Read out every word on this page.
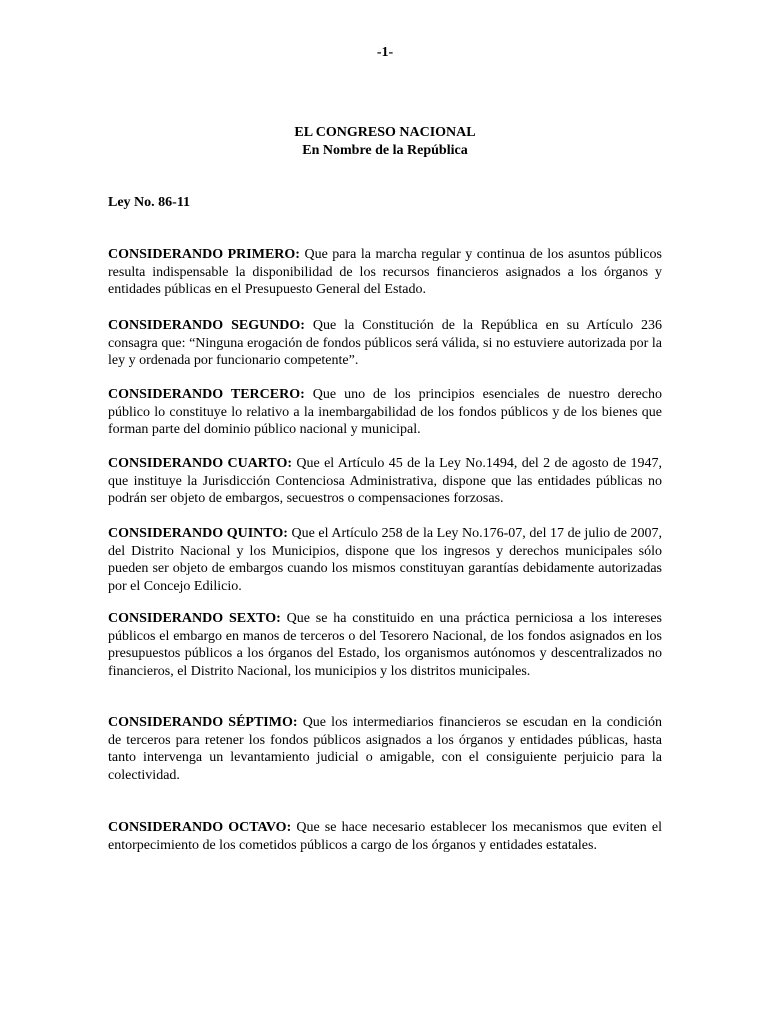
-1-
EL CONGRESO NACIONAL
En Nombre de la República
Ley No. 86-11

CONSIDERANDO PRIMERO: Que para la marcha regular y continua de los asuntos públicos resulta indispensable la disponibilidad de los recursos financieros asignados a los órganos y entidades públicas en el Presupuesto General del Estado.

CONSIDERANDO SEGUNDO: Que la Constitución de la República en su Artículo 236 consagra que: “Ninguna erogación de fondos públicos será válida, si no estuviere autorizada por la ley y ordenada por funcionario competente”.

CONSIDERANDO TERCERO: Que uno de los principios esenciales de nuestro derecho público lo constituye lo relativo a la inembargabilidad de los fondos públicos y de los bienes que forman parte del dominio público nacional y municipal.

CONSIDERANDO CUARTO: Que el Artículo 45 de la Ley No.1494, del 2 de agosto de 1947, que instituye la Jurisdicción Contenciosa Administrativa, dispone que las entidades públicas no podrán ser objeto de embargos, secuestros o compensaciones forzosas.

CONSIDERANDO QUINTO: Que el Artículo 258 de la Ley No.176-07, del 17 de julio de 2007, del Distrito Nacional y los Municipios, dispone que los ingresos y derechos municipales sólo pueden ser objeto de embargos cuando los mismos constituyan garantías debidamente autorizadas por el Concejo Edilicio.

CONSIDERANDO SEXTO: Que se ha constituido en una práctica perniciosa a los intereses públicos el embargo en manos de terceros o del Tesorero Nacional, de los fondos asignados en los presupuestos públicos a los órganos del Estado, los organismos autónomos y descentralizados no financieros, el Distrito Nacional, los municipios y los distritos municipales.

CONSIDERANDO SÉPTIMO: Que los intermediarios financieros se escudan en la condición de terceros para retener los fondos públicos asignados a los órganos y entidades públicas, hasta tanto intervenga un levantamiento judicial o amigable, con el consiguiente perjuicio para la colectividad.

CONSIDERANDO OCTAVO: Que se hace necesario establecer los mecanismos que eviten el entorpecimiento de los cometidos públicos a cargo de los órganos y entidades estatales.
